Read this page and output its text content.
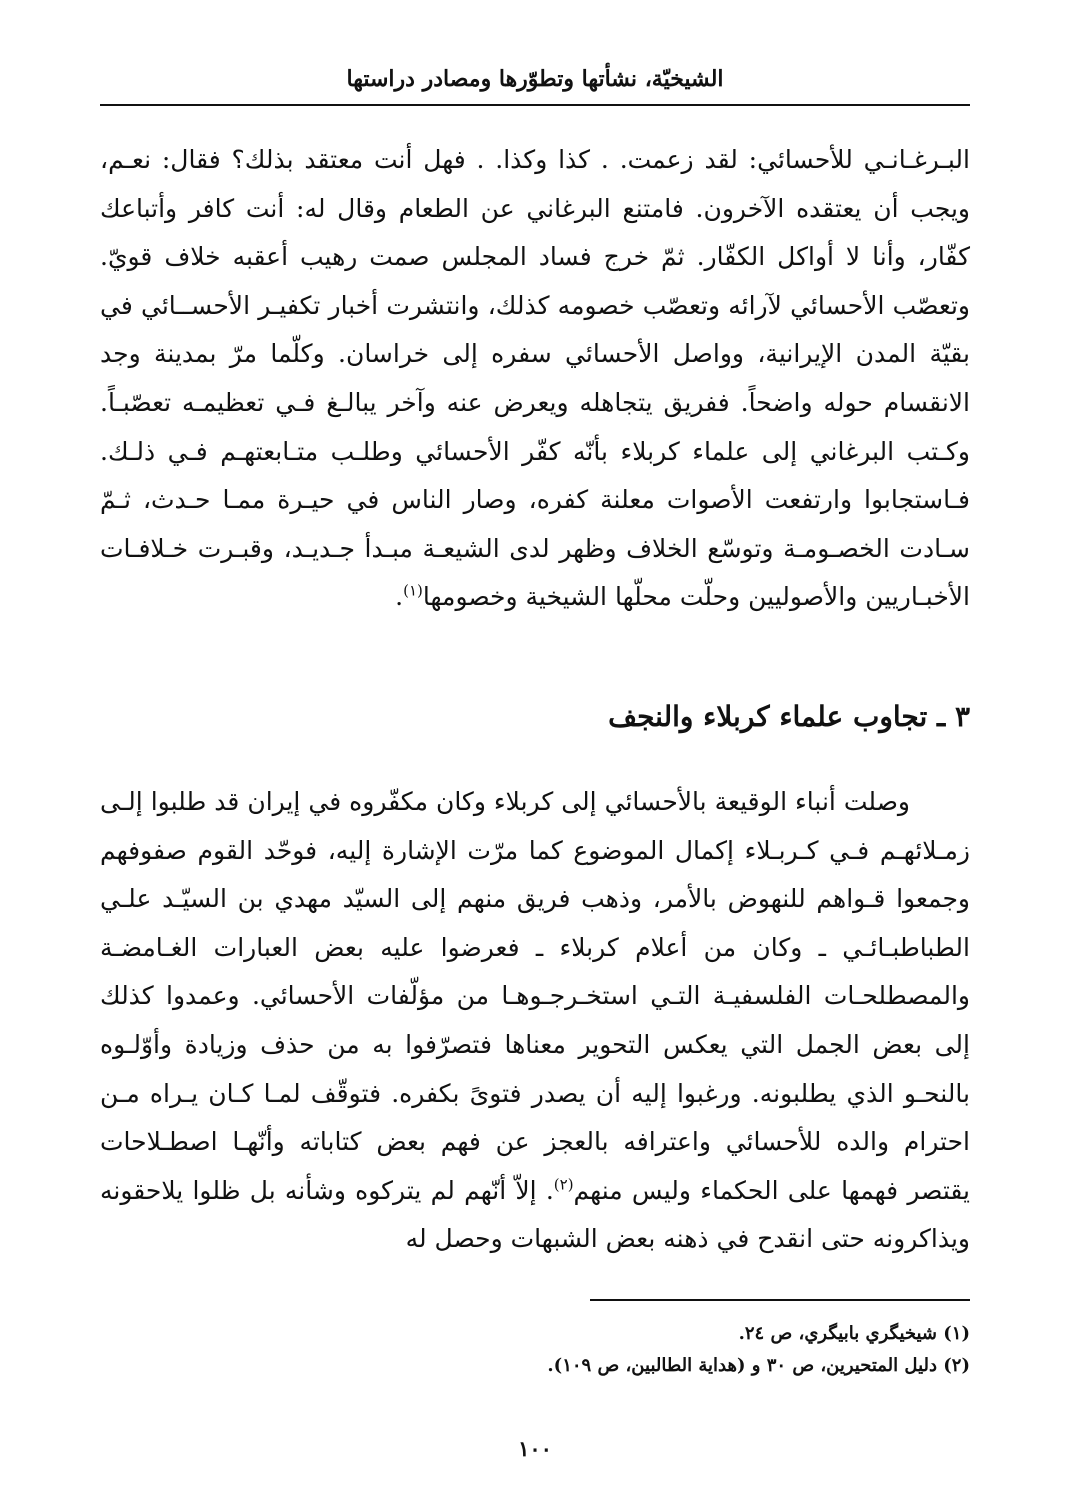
الشيخيّة، نشأتها وتطوّرها ومصادر دراستها
البـرغـانـي للأحسائي: لقد زعمت. . كذا وكذا. . فهل أنت معتقد بذلك؟ فقال: نعـم، ويجب أن يعتقده الآخرون. فامتنع البرغاني عن الطعام وقال له: أنت كافر وأتباعك كفّار، وأنا لا أواكل الكفّار. ثمّ خرج فساد المجلس صمت رهيب أعقبه خلاف قويّ. وتعصّب الأحسائي لآرائه وتعصّب خصومه كذلك، وانتشرت أخبار تكفيـر الأحســائي في بقيّة المدن الإيرانية، وواصل الأحسائي سفره إلى خراسان. وكلّما مرّ بمدينة وجد الانقسام حوله واضحاً. ففريق يتجاهله ويعرض عنه وآخر يبالـغ فـي تعظيمـه تعصّبـاً. وكـتب البرغاني إلى علماء كربلاء بأنّه كفّر الأحسائي وطلـب متـابعتهـم فـي ذلـك. فـاستجابوا وارتفعت الأصوات معلنة كفره، وصار الناس في حيـرة ممـا حـدث، ثـمّ سـادت الخصـومـة وتوسّع الخلاف وظهر لدى الشيعـة مبـدأ جـديـد، وقبـرت خـلافـات الأخبـاريين والأصوليين وحلّت محلّها الشيخية وخصومها$^{(١)}$.
٣ ـ تجاوب علماء كربلاء والنجف
وصلت أنباء الوقيعة بالأحسائي إلى كربلاء وكان مكفّروه في إيران قد طلبوا إلـى زمـلائهـم فـي كـربـلاء إكمال الموضوع كما مرّت الإشارة إليه، فوحّد القوم صفوفهم وجمعوا قـواهم للنهوض بالأمر، وذهب فريق منهم إلى السيّد مهدي بن السيّـد علـي الطباطبـائـي ـ وكان من أعلام كربلاء ـ فعرضوا عليه بعض العبارات الغـامضـة والمصطلحـات الفلسفيـة التـي استخـرجـوهـا من مؤلّفات الأحسائي. وعمدوا كذلك إلى بعض الجمل التي يعكس التحوير معناها فتصرّفوا به من حذف وزيادة وأوّلـوه بالنحـو الذي يطلبونه. ورغبوا إليه أن يصدر فتوىً بكفره. فتوقّف لمـا كـان يـراه مـن احترام والده للأحسائي واعترافه بالعجز عن فهم بعض كتاباته وأنّهـا اصطـلاحات يقتصر فهمها على الحكماء وليس منهم$^{(٢)}$. إلاّ أنّهم لم يتركوه وشأنه بل ظلوا يلاحقونه ويذاكرونه حتى انقدح في ذهنه بعض الشبهات وحصل له
(١) شيخيگري بابيگري، ص ٢٤.
(٢) دليل المتحيرين، ص ٣٠ و (هداية الطالبين، ص ١٠٩).
١٠٠
